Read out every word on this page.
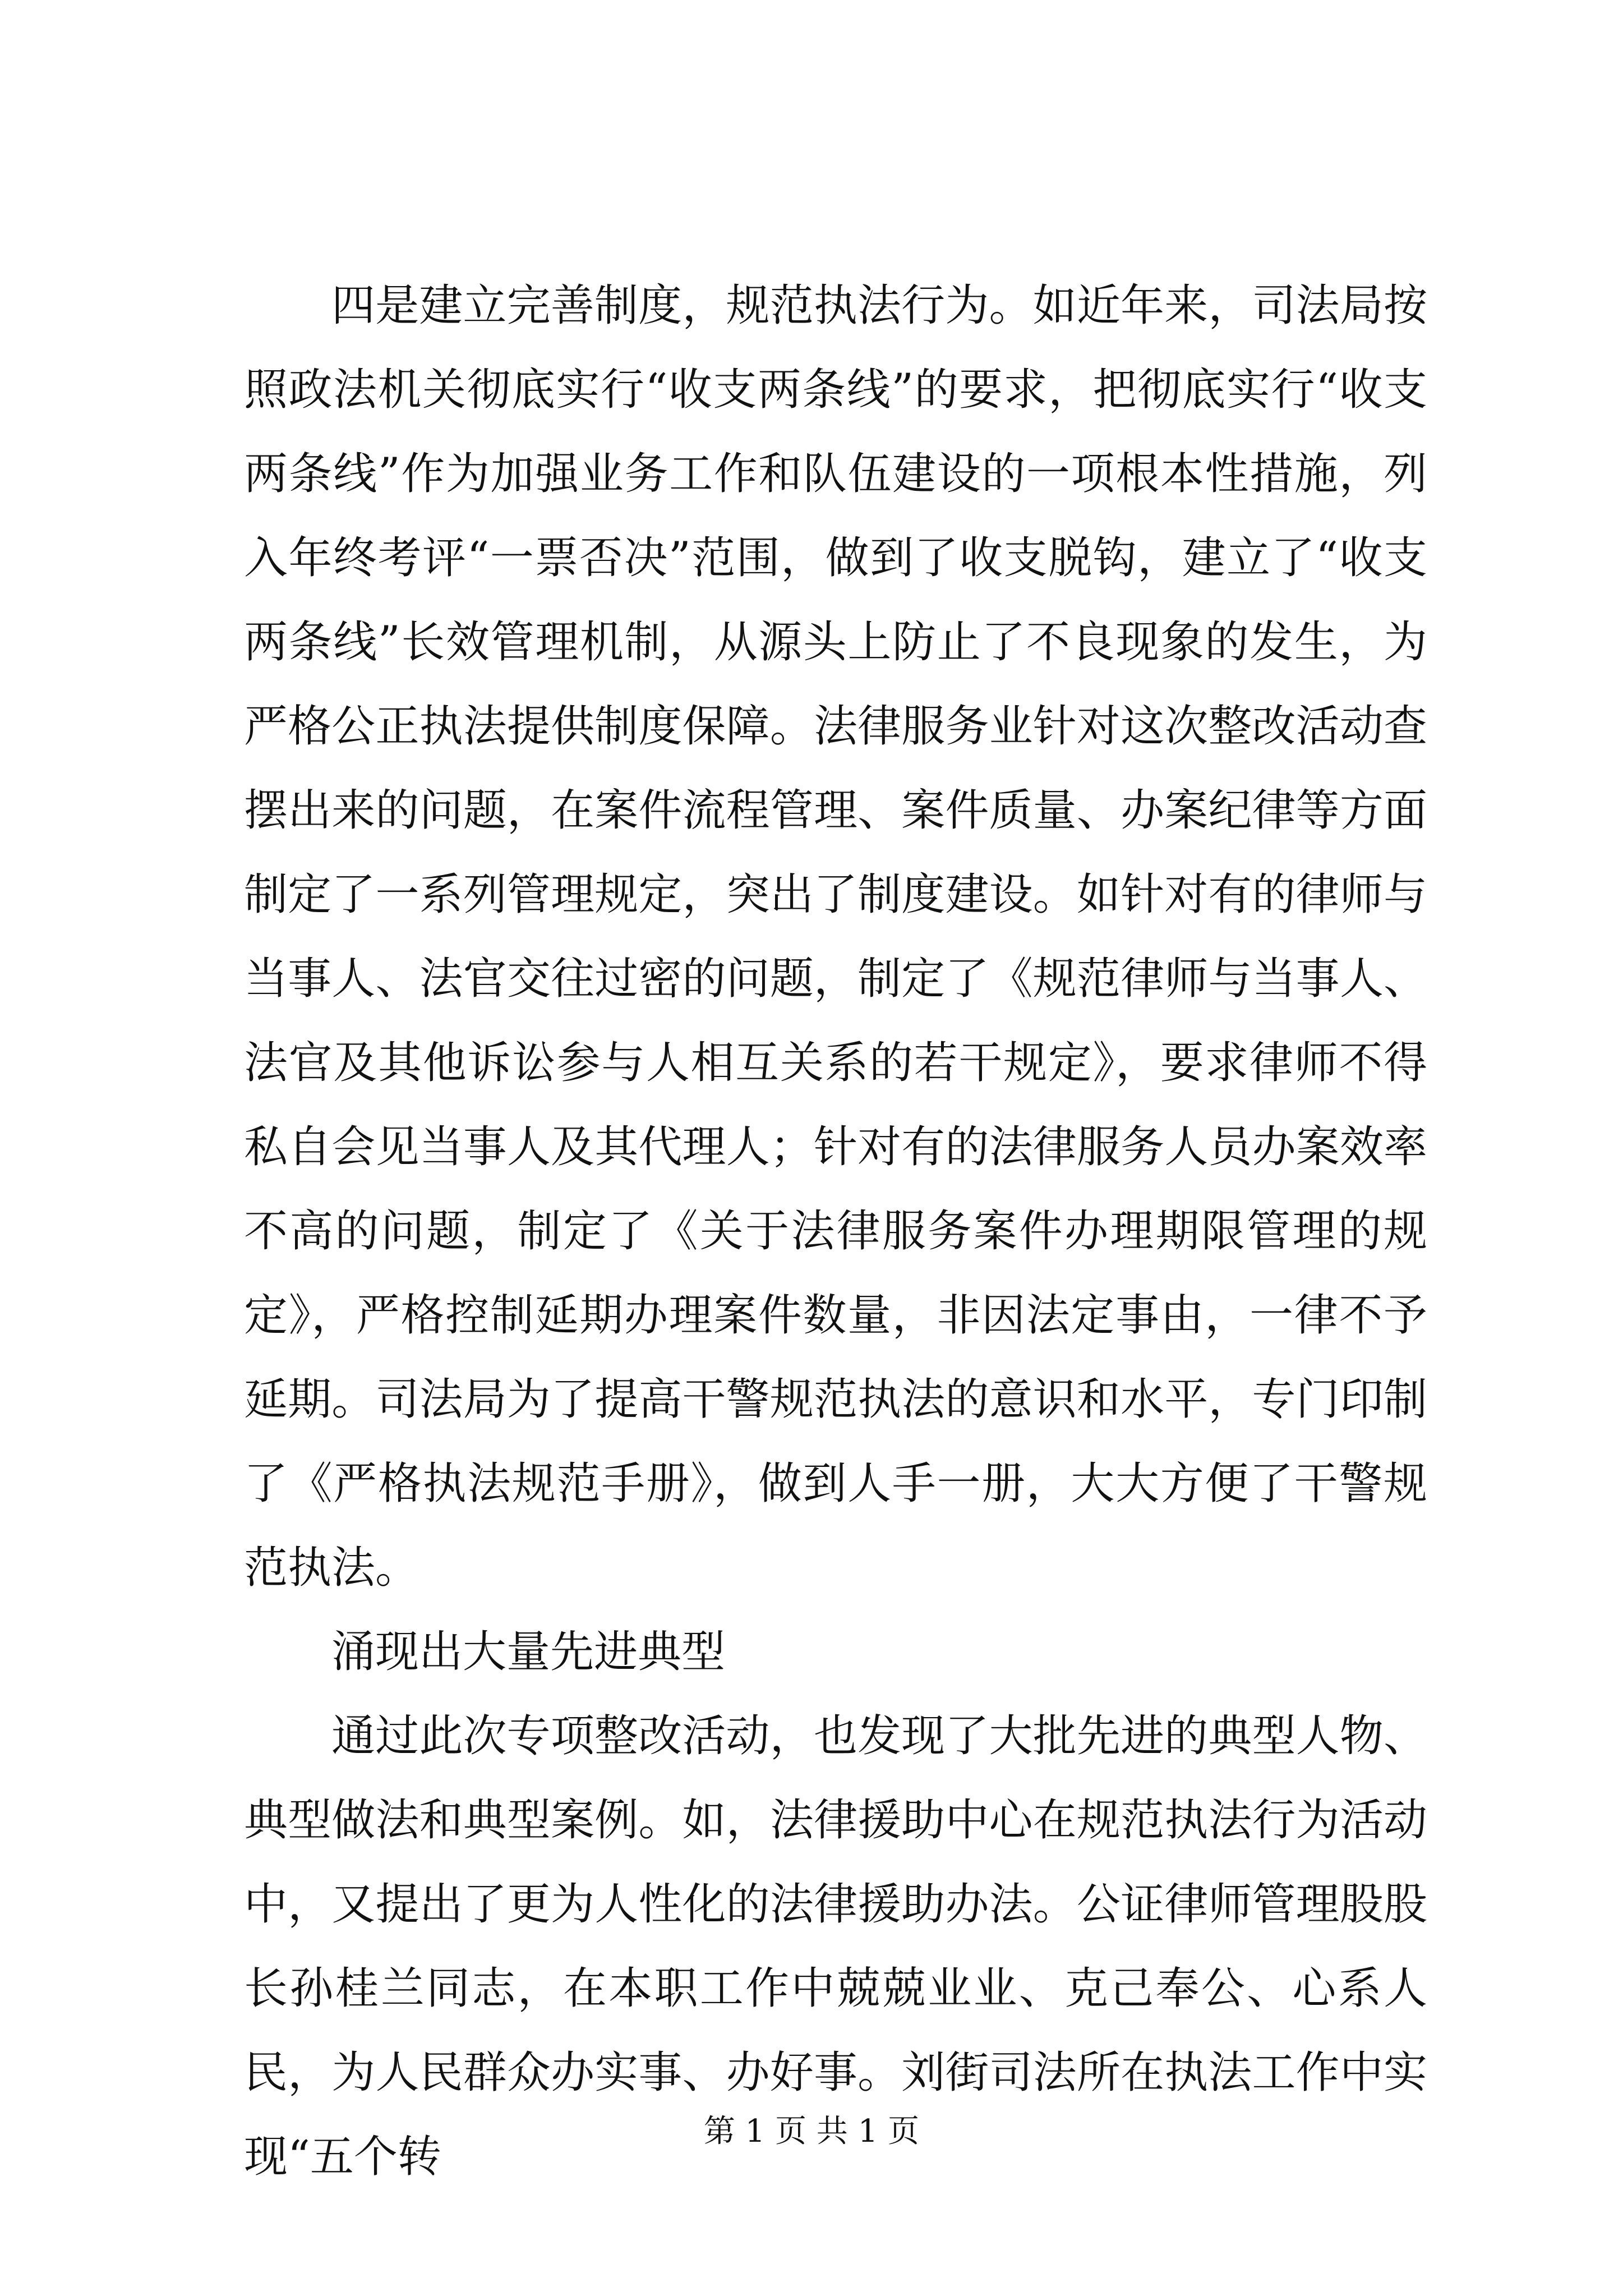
四是建立完善制度，规范执法行为。如近年来，司法局按照政法机关彻底实行“收支两条线”的要求，把彻底实行“收支两条线”作为加强业务工作和队伍建设的一项根本性措施，列入年终考评“一票否决”范围，做到了收支脱钩，建立了“收支两条线”长效管理机制，从源头上防止了不良现象的发生，为严格公正执法提供制度保障。法律服务业针对这次整改活动查摆出来的问题，在案件流程管理、案件质量、办案纪律等方面制定了一系列管理规定，突出了制度建设。如针对有的律师与当事人、法官交往过密的问题，制定了《规范律师与当事人、法官及其他诉讼参与人相互关系的若干规定》，要求律师不得私自会见当事人及其代理人；针对有的法律服务人员办案效率不高的问题，制定了《关于法律服务案件办理期限管理的规定》，严格控制延期办理案件数量，非因法定事由，一律不予延期。司法局为了提高干警规范执法的意识和水平，专门印制了《严格执法规范手册》，做到人手一册，大大方便了干警规范执法。

涌现出大量先进典型

通过此次专项整改活动，也发现了大批先进的典型人物、典型做法和典型案例。如，法律援助中心在规范执法行为活动中，又提出了更为人性化的法律援助办法。公证律师管理股股长孙桂兰同志，在本职工作中兢兢业业、克己奉公、心系人民，为人民群众办实事、办好事。刘街司法所在执法工作中实现“五个转

第 1 页 共 1 页
